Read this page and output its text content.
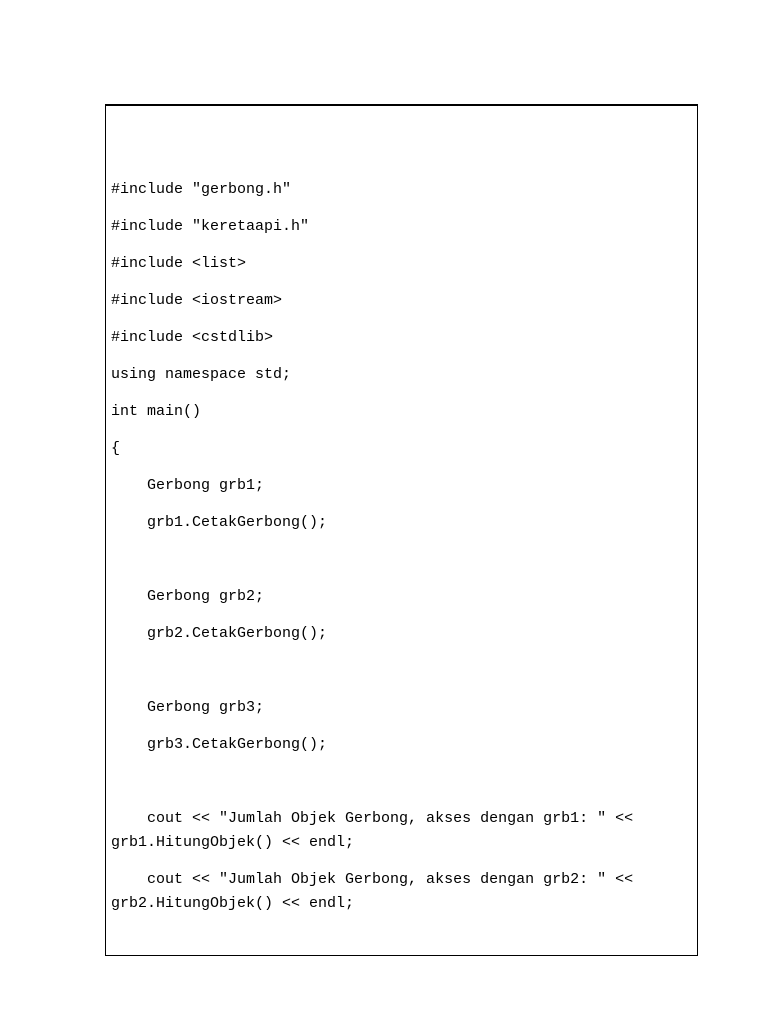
#include "gerbong.h"
#include "keretaapi.h"
#include <list>
#include <iostream>
#include <cstdlib>
using namespace std;
int main()
{
Gerbong grb1;
grb1.CetakGerbong();
Gerbong grb2;
grb2.CetakGerbong();
Gerbong grb3;
grb3.CetakGerbong();
cout << "Jumlah Objek Gerbong, akses dengan grb1: " << grb1.HitungObjek() << endl;
cout << "Jumlah Objek Gerbong, akses dengan grb2: " << grb2.HitungObjek() << endl;
